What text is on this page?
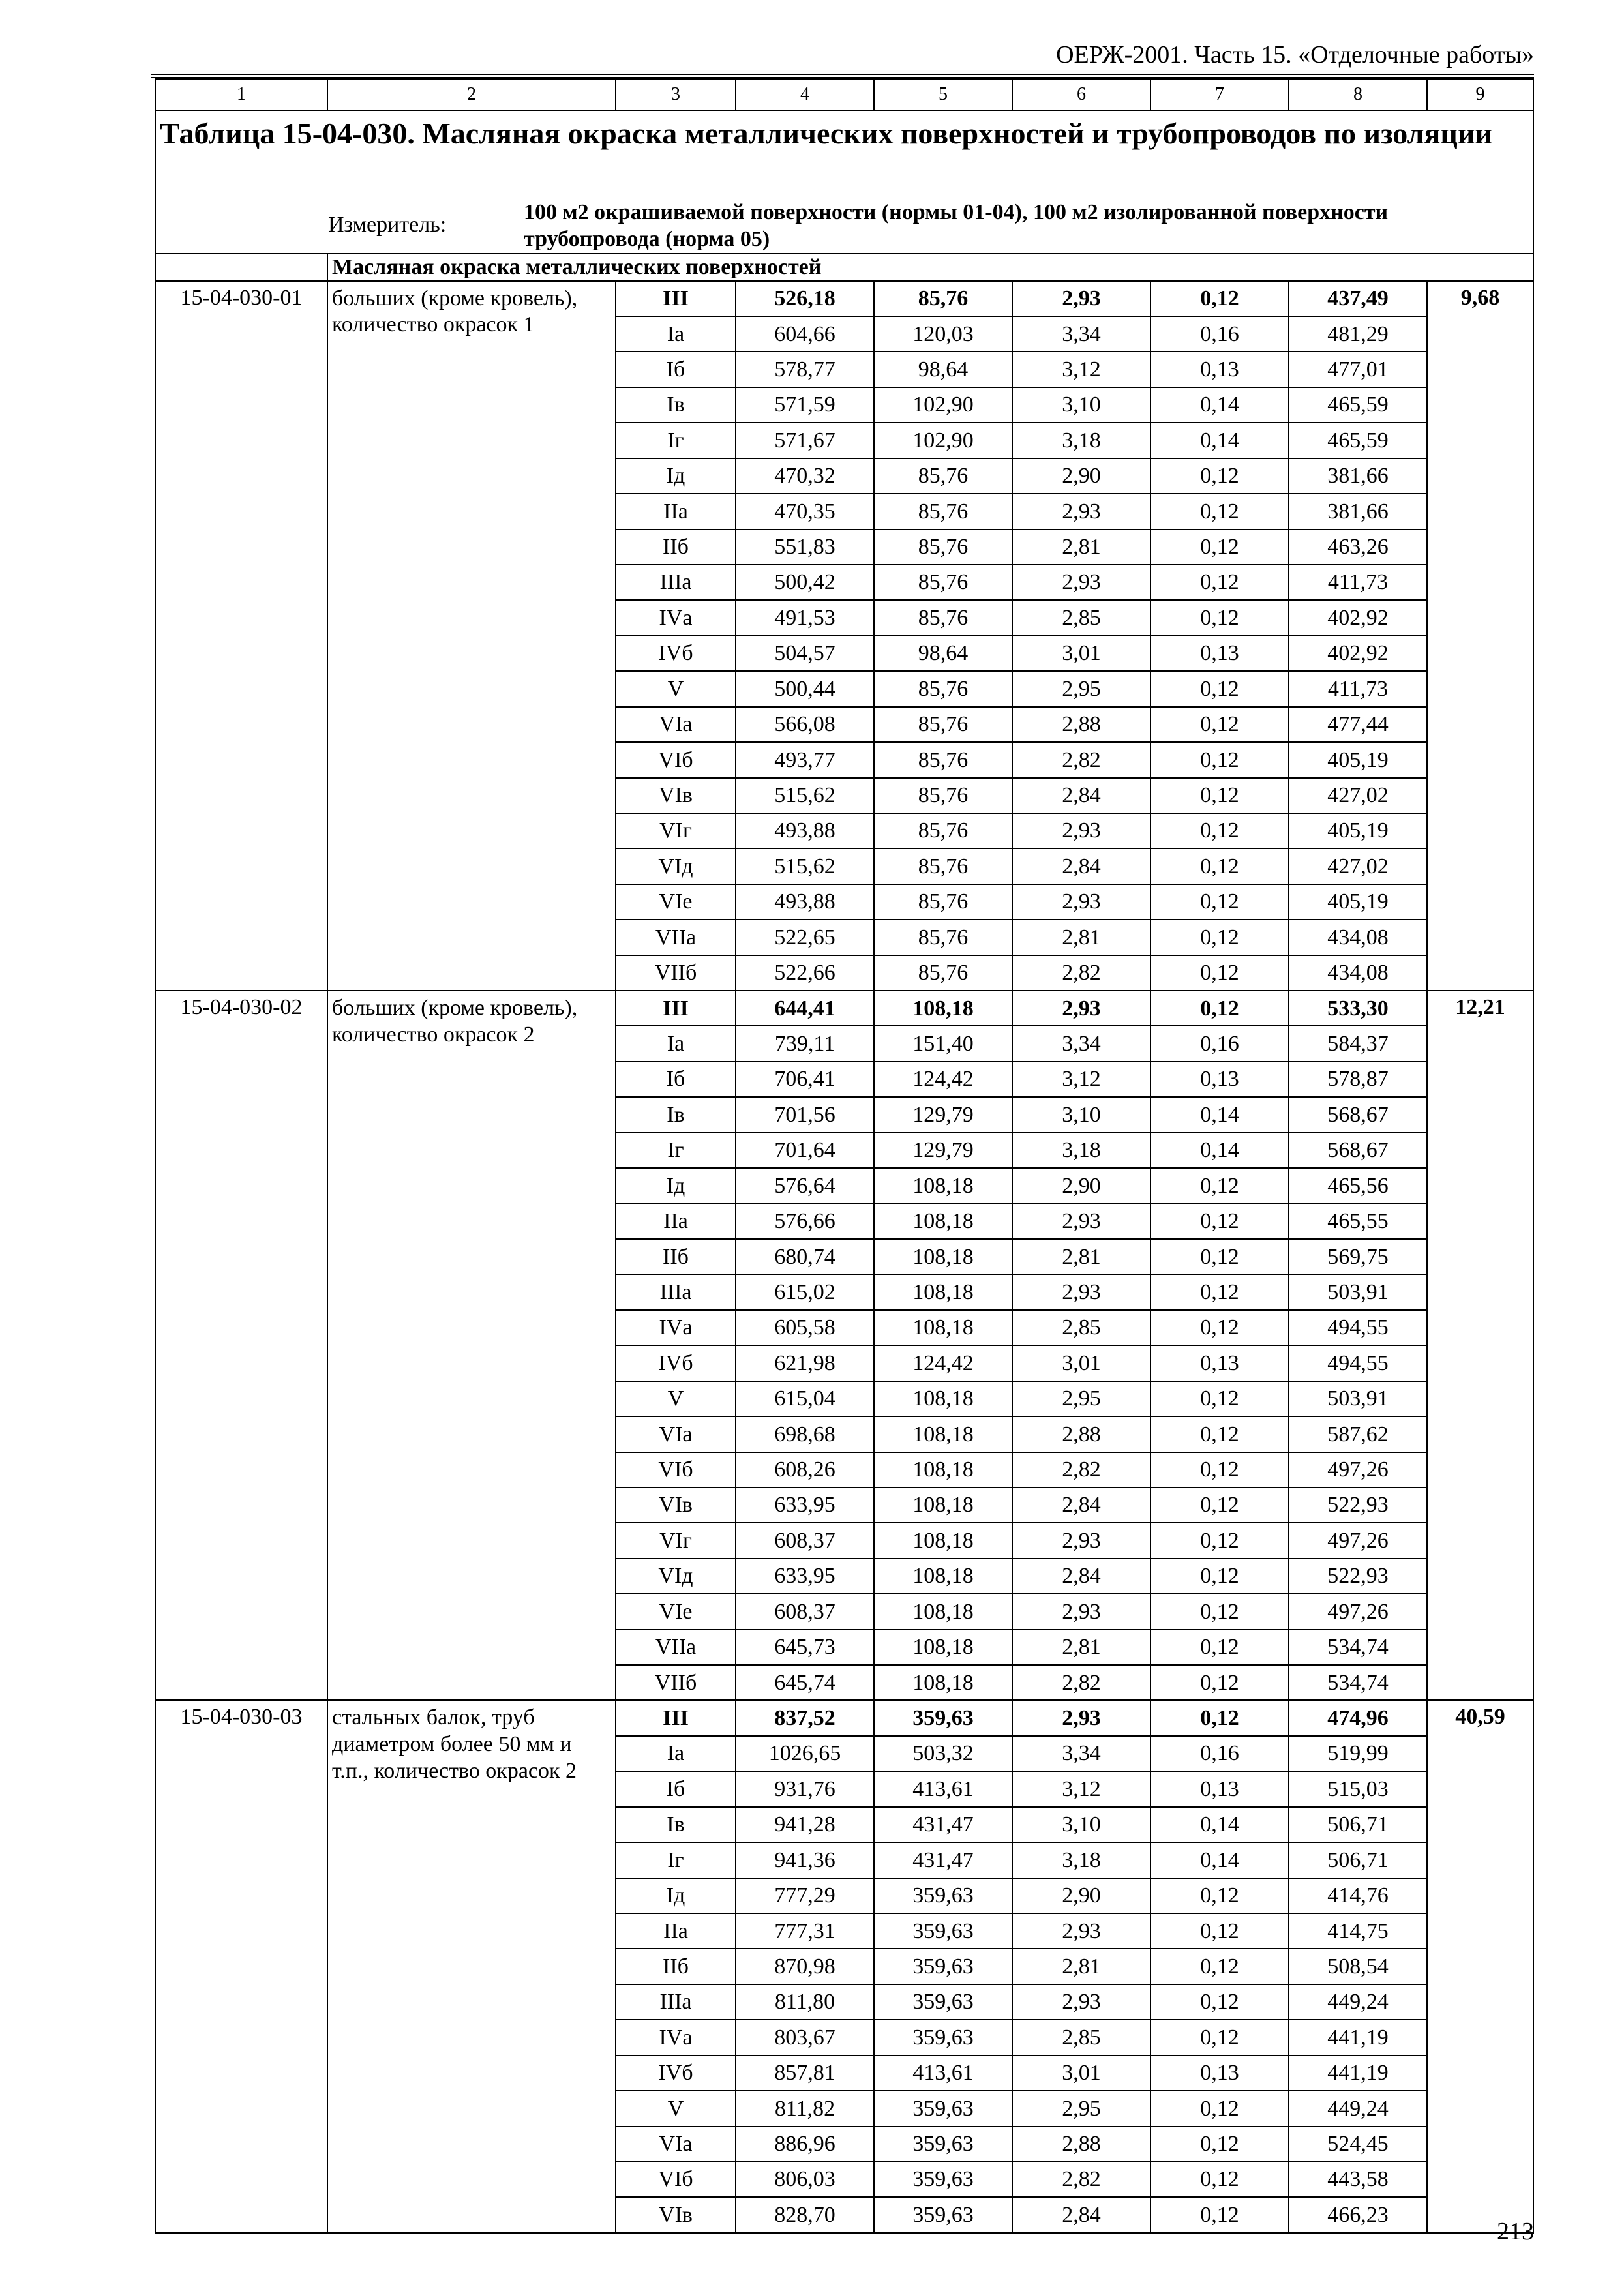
ОЕРЖ-2001. Часть 15. «Отделочные работы»
1	2	3	4	5	6	7	8	9
Таблица 15-04-030. Масляная окраска металлических поверхностей и трубопроводов по изоляции								
Измеритель:100 м2 окрашиваемой поверхности (нормы 01-04), 100 м2 изолированной поверхности трубопровода (норма 05)								
	Масляная окраска металлических поверхностей							
15-04-030-01	больших (кроме кровель), количество окрасок 1	III	526,18	85,76	2,93	0,12	437,49	9,68
		Iа	604,66	120,03	3,34	0,16	481,29	
		Iб	578,77	98,64	3,12	0,13	477,01	
		Iв	571,59	102,90	3,10	0,14	465,59	
		Iг	571,67	102,90	3,18	0,14	465,59	
		Iд	470,32	85,76	2,90	0,12	381,66	
		IIа	470,35	85,76	2,93	0,12	381,66	
		IIб	551,83	85,76	2,81	0,12	463,26	
		IIIа	500,42	85,76	2,93	0,12	411,73	
		IVа	491,53	85,76	2,85	0,12	402,92	
		IVб	504,57	98,64	3,01	0,13	402,92	
		V	500,44	85,76	2,95	0,12	411,73	
		VIа	566,08	85,76	2,88	0,12	477,44	
		VIб	493,77	85,76	2,82	0,12	405,19	
		VIв	515,62	85,76	2,84	0,12	427,02	
		VIг	493,88	85,76	2,93	0,12	405,19	
		VIд	515,62	85,76	2,84	0,12	427,02	
		VIе	493,88	85,76	2,93	0,12	405,19	
		VIIа	522,65	85,76	2,81	0,12	434,08	
		VIIб	522,66	85,76	2,82	0,12	434,08	
15-04-030-02	больших (кроме кровель), количество окрасок 2	III	644,41	108,18	2,93	0,12	533,30	12,21
		Iа	739,11	151,40	3,34	0,16	584,37	
		Iб	706,41	124,42	3,12	0,13	578,87	
		Iв	701,56	129,79	3,10	0,14	568,67	
		Iг	701,64	129,79	3,18	0,14	568,67	
		Iд	576,64	108,18	2,90	0,12	465,56	
		IIа	576,66	108,18	2,93	0,12	465,55	
		IIб	680,74	108,18	2,81	0,12	569,75	
		IIIа	615,02	108,18	2,93	0,12	503,91	
		IVа	605,58	108,18	2,85	0,12	494,55	
		IVб	621,98	124,42	3,01	0,13	494,55	
		V	615,04	108,18	2,95	0,12	503,91	
		VIа	698,68	108,18	2,88	0,12	587,62	
		VIб	608,26	108,18	2,82	0,12	497,26	
		VIв	633,95	108,18	2,84	0,12	522,93	
		VIг	608,37	108,18	2,93	0,12	497,26	
		VIд	633,95	108,18	2,84	0,12	522,93	
		VIе	608,37	108,18	2,93	0,12	497,26	
		VIIа	645,73	108,18	2,81	0,12	534,74	
		VIIб	645,74	108,18	2,82	0,12	534,74	
15-04-030-03	стальных балок, труб диаметром более 50 мм и т.п., количество окрасок 2	III	837,52	359,63	2,93	0,12	474,96	40,59
		Iа	1026,65	503,32	3,34	0,16	519,99	
		Iб	931,76	413,61	3,12	0,13	515,03	
		Iв	941,28	431,47	3,10	0,14	506,71	
		Iг	941,36	431,47	3,18	0,14	506,71	
		Iд	777,29	359,63	2,90	0,12	414,76	
		IIа	777,31	359,63	2,93	0,12	414,75	
		IIб	870,98	359,63	2,81	0,12	508,54	
		IIIа	811,80	359,63	2,93	0,12	449,24	
		IVа	803,67	359,63	2,85	0,12	441,19	
		IVб	857,81	413,61	3,01	0,13	441,19	
		V	811,82	359,63	2,95	0,12	449,24	
		VIа	886,96	359,63	2,88	0,12	524,45	
		VIб	806,03	359,63	2,82	0,12	443,58	
		VIв	828,70	359,63	2,84	0,12	466,23	
213
